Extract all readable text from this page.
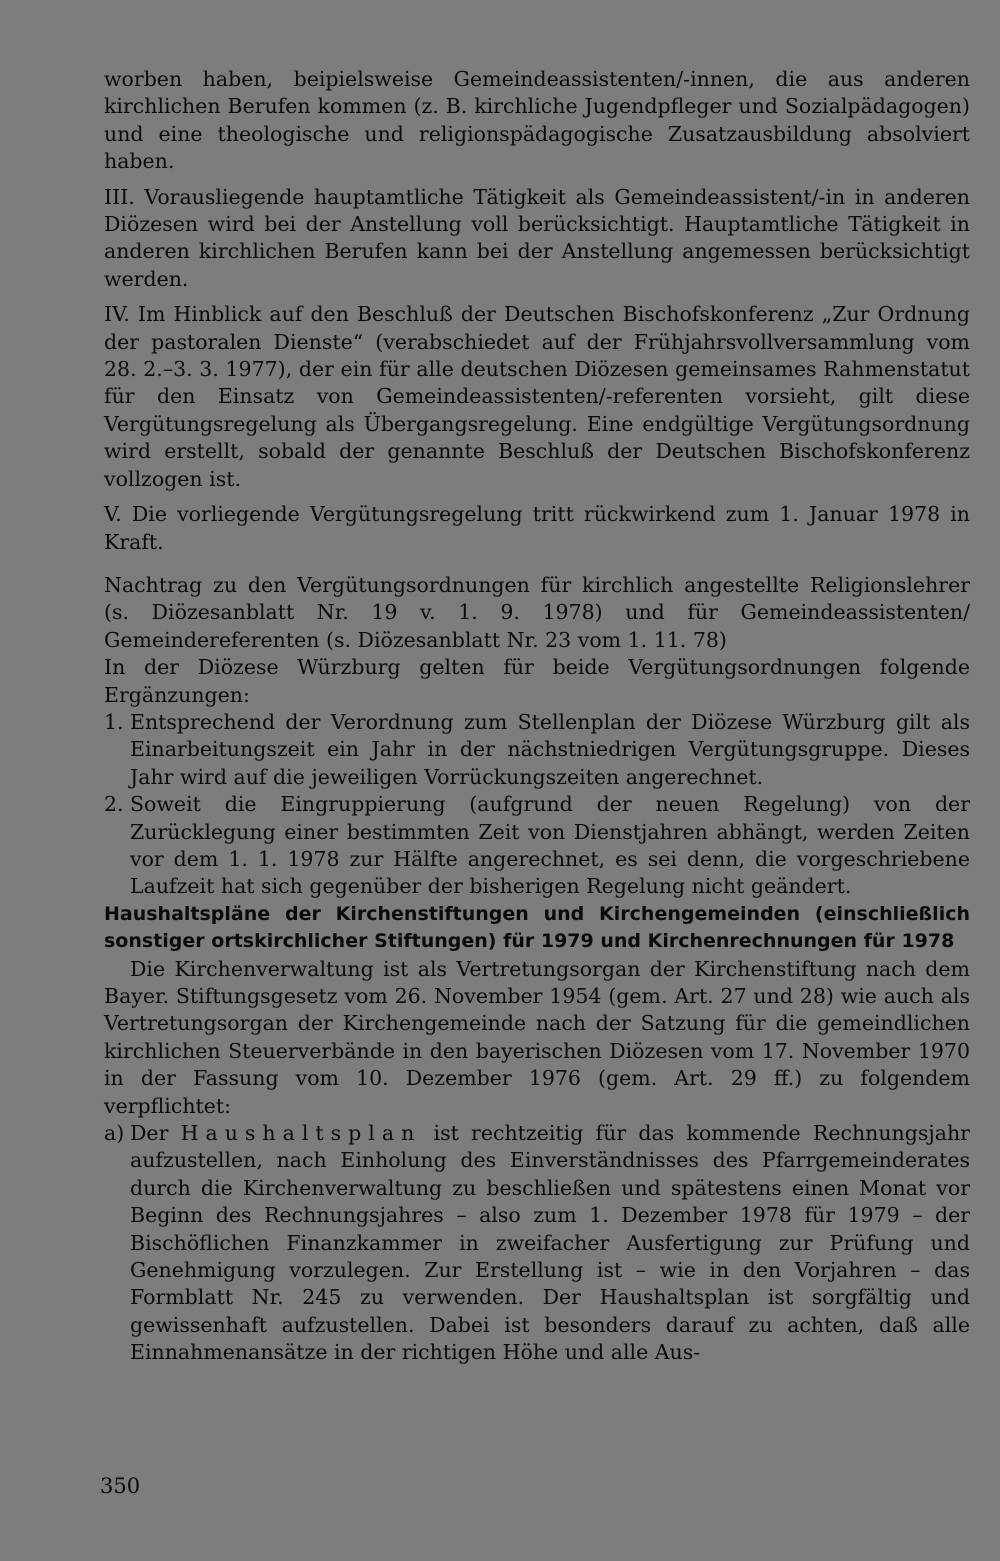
worben haben, beipielsweise Gemeindeassistenten/-innen, die aus anderen kirchlichen Berufen kommen (z. B. kirchliche Jugendpfleger und Sozialpädagogen) und eine theologische und religionspädagogische Zusatzausbildung absolviert haben.

III. Vorausliegende hauptamtliche Tätigkeit als Gemeindeassistent/-in in anderen Diözesen wird bei der Anstellung voll berücksichtigt. Hauptamtliche Tätigkeit in anderen kirchlichen Berufen kann bei der Anstellung angemessen berücksichtigt werden.

IV. Im Hinblick auf den Beschluß der Deutschen Bischofskonferenz „Zur Ordnung der pastoralen Dienste“ (verabschiedet auf der Frühjahrsvollversammlung vom 28. 2.–3. 3. 1977), der ein für alle deutschen Diözesen gemeinsames Rahmenstatut für den Einsatz von Gemeindeassistenten/-referenten vorsieht, gilt diese Vergütungsregelung als Übergangsregelung. Eine endgültige Vergütungsordnung wird erstellt, sobald der genannte Beschluß der Deutschen Bischofskonferenz vollzogen ist.

V. Die vorliegende Vergütungsregelung tritt rückwirkend zum 1. Januar 1978 in Kraft.

Nachtrag zu den Vergütungsordnungen für kirchlich angestellte Religionslehrer (s. Diözesanblatt Nr. 19 v. 1. 9. 1978) und für Gemeindeassistenten/ Gemeindereferenten (s. Diözesanblatt Nr. 23 vom 1. 11. 78)

In der Diözese Würzburg gelten für beide Vergütungsordnungen folgende Ergänzungen:

1. Entsprechend der Verordnung zum Stellenplan der Diözese Würzburg gilt als Einarbeitungszeit ein Jahr in der nächstniedrigen Vergütungsgruppe. Dieses Jahr wird auf die jeweiligen Vorrückungszeiten angerechnet.
2. Soweit die Eingruppierung (aufgrund der neuen Regelung) von der Zurücklegung einer bestimmten Zeit von Dienstjahren abhängt, werden Zeiten vor dem 1. 1. 1978 zur Hälfte angerechnet, es sei denn, die vorgeschriebene Laufzeit hat sich gegenüber der bisherigen Regelung nicht geändert.

Haushaltspläne der Kirchenstiftungen und Kirchengemeinden (einschließlich sonstiger ortskirchlicher Stiftungen) für 1979 und Kirchenrechnungen für 1978

Die Kirchenverwaltung ist als Vertretungsorgan der Kirchenstiftung nach dem Bayer. Stiftungsgesetz vom 26. November 1954 (gem. Art. 27 und 28) wie auch als Vertretungsorgan der Kirchengemeinde nach der Satzung für die gemeindlichen kirchlichen Steuerverbände in den bayerischen Diözesen vom 17. November 1970 in der Fassung vom 10. Dezember 1976 (gem. Art. 29 ff.) zu folgendem verpflichtet:

a) Der Haushaltsplan ist rechtzeitig für das kommende Rechnungsjahr aufzustellen, nach Einholung des Einverständnisses des Pfarrgemeinderates durch die Kirchenverwaltung zu beschließen und spätestens einen Monat vor Beginn des Rechnungsjahres – also zum 1. Dezember 1978 für 1979 – der Bischöflichen Finanzkammer in zweifacher Ausfertigung zur Prüfung und Genehmigung vorzulegen. Zur Erstellung ist – wie in den Vorjahren – das Formblatt Nr. 245 zu verwenden. Der Haushaltsplan ist sorgfältig und gewissenhaft aufzustellen. Dabei ist besonders darauf zu achten, daß alle Einnahmenansätze in der richtigen Höhe und alle Aus-
350
